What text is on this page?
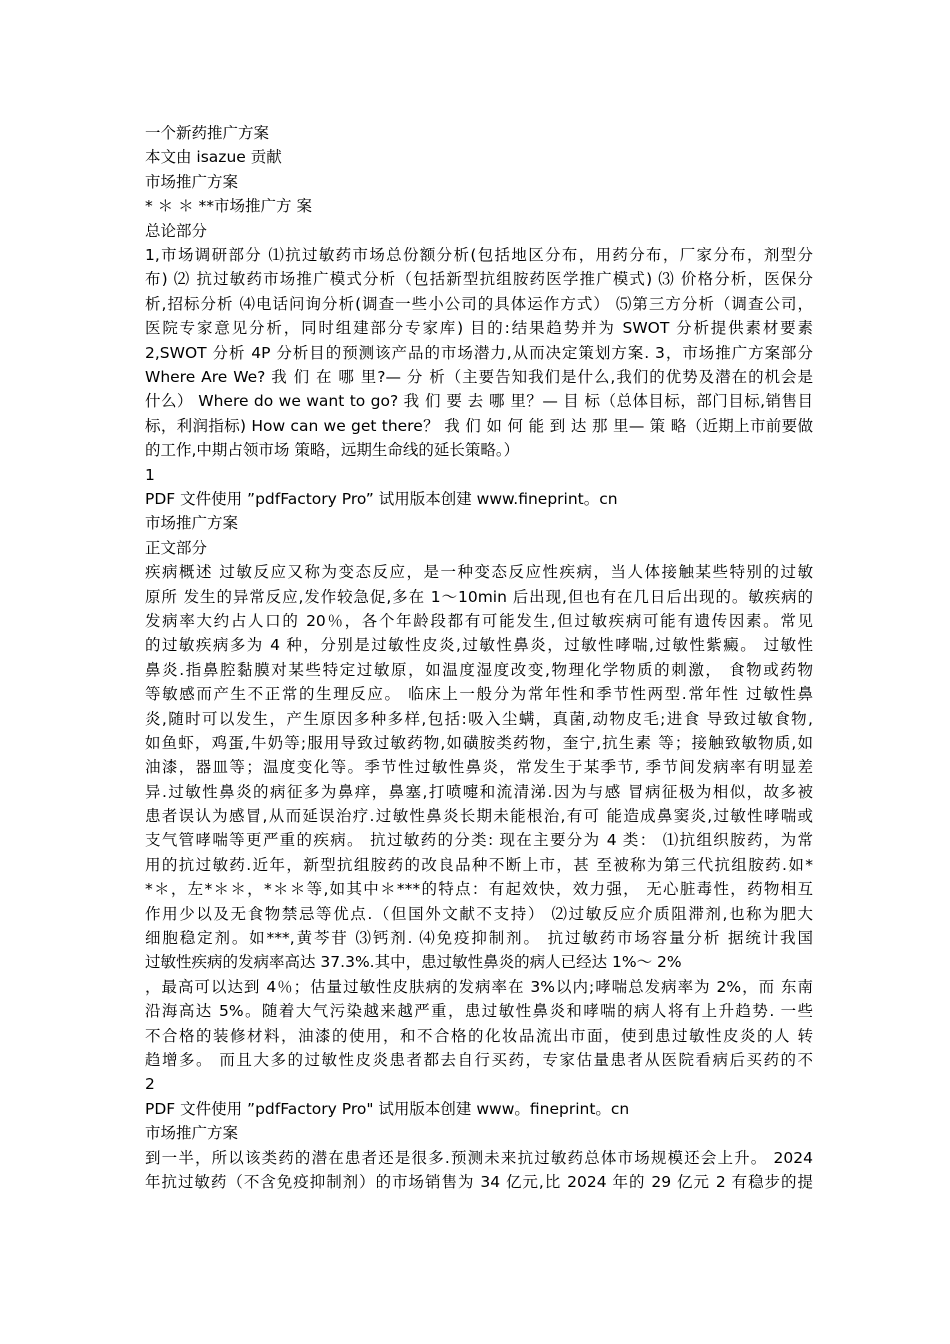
一个新药推广方案
本文由 isazue 贡献
市场推广方案
* ＊ ＊ **市场推广方 案
总论部分
1,市场调研部分 ⑴抗过敏药市场总份额分析(包括地区分布，用药分布，厂家分布，剂型分
布) ⑵ 抗过敏药市场推广模式分析（包括新型抗组胺药医学推广模式) ⑶ 价格分析，医保分
析,招标分析 ⑷电话问询分析(调查一些小公司的具体运作方式） ⑸第三方分析（调查公司，
医院专家意见分析，同时组建部分专家库) 目的:结果趋势并为 SWOT 分析提供素材要素
2,SWOT 分析 4P 分析目的预测该产品的市场潜力,从而决定策划方案. 3，市场推广方案部分
Where Are We? 我 们 在 哪 里?— 分 析（主要告知我们是什么,我们的优势及潜在的机会是
什么） Where do we want to go? 我 们 要 去 哪 里？— 目 标（总体目标，部门目标,销售目
标，利润指标) How can we get there？ 我 们 如 何 能 到 达 那 里— 策 略（近期上市前要做
的工作,中期占领市场 策略，远期生命线的延长策略。）
1
PDF 文件使用 ”pdfFactory Pro” 试用版本创建 www.fineprint。cn
市场推广方案
正文部分
疾病概述 过敏反应又称为变态反应，是一种变态反应性疾病，当人体接触某些特别的过敏
原所 发生的异常反应,发作较急促,多在 1～10min 后出现,但也有在几日后出现的。敏疾病的
发病率大约占人口的 20％，各个年龄段都有可能发生,但过敏疾病可能有遗传因素。常见
的过敏疾病多为 4 种，分别是过敏性皮炎,过敏性鼻炎，过敏性哮喘,过敏性紫癜。 过敏性
鼻炎.指鼻腔黏膜对某些特定过敏原，如温度湿度改变,物理化学物质的刺激， 食物或药物
等敏感而产生不正常的生理反应。 临床上一般分为常年性和季节性两型.常年性 过敏性鼻
炎,随时可以发生，产生原因多种多样,包括:吸入尘螨，真菌,动物皮毛;进食 导致过敏食物,
如鱼虾，鸡蛋,牛奶等;服用导致过敏药物,如磺胺类药物，奎宁,抗生素 等；接触致敏物质,如
油漆，器皿等；温度变化等。季节性过敏性鼻炎，常发生于某季节, 季节间发病率有明显差
异.过敏性鼻炎的病征多为鼻痒，鼻塞,打喷嚏和流清涕.因为与感 冒病征极为相似，故多被
患者误认为感冒,从而延误治疗.过敏性鼻炎长期未能根治,有可 能造成鼻窦炎,过敏性哮喘或
支气管哮喘等更严重的疾病。 抗过敏药的分类: 现在主要分为 4 类： ⑴抗组织胺药，为常
用的抗过敏药.近年，新型抗组胺药的改良品种不断上市，甚 至被称为第三代抗组胺药.如*
*＊，左*＊＊，*＊＊等,如其中＊***的特点：有起效快，效力强， 无心脏毒性，药物相互
作用少以及无食物禁忌等优点.（但国外文献不支持） ⑵过敏反应介质阻滞剂,也称为肥大
细胞稳定剂。如***,黄芩苷 ⑶钙剂. ⑷免疫抑制剂。 抗过敏药市场容量分析 据统计我国
过敏性疾病的发病率高达 37.3%.其中，患过敏性鼻炎的病人已经达 1%～ 2%
，最高可以达到 4％；估量过敏性皮肤病的发病率在 3%以内;哮喘总发病率为 2%，而 东南
沿海高达 5%。随着大气污染越来越严重，患过敏性鼻炎和哮喘的病人将有上升趋势. 一些
不合格的装修材料，油漆的使用，和不合格的化妆品流出市面，使到患过敏性皮炎的人 转
趋增多。 而且大多的过敏性皮炎患者都去自行买药，专家估量患者从医院看病后买药的不
2
PDF 文件使用 ”pdfFactory Pro" 试用版本创建 www。fineprint。cn
市场推广方案
到一半，所以该类药的潜在患者还是很多.预测未来抗过敏药总体市场规模还会上升。 2024
年抗过敏药（不含免疫抑制剂）的市场销售为 34 亿元,比 2024 年的 29 亿元 2 有稳步的提
